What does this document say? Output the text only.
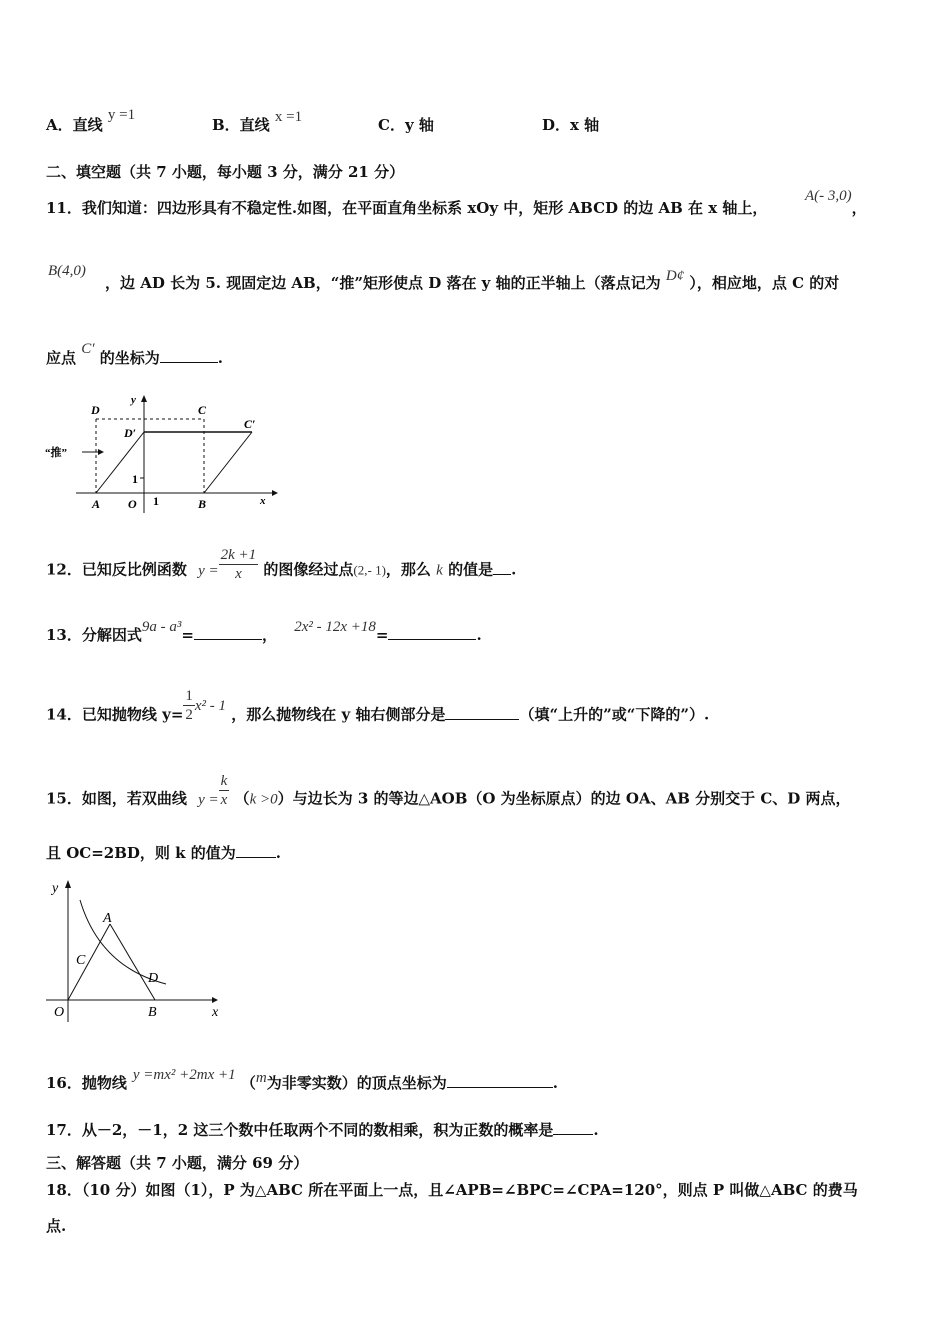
A．直线 y =1
B．直线 x =1	C．y 轴	D．x 轴
二、填空题（共 7 小题，每小题 3 分，满分 21 分）
11．我们知道：四边形具有不稳定性.如图，在平面直角坐标系 xOy 中，矩形 ABCD 的边 AB 在 x 轴上，
A(- 3,0)，
B(4,0)
，边 AD 长为 5. 现固定边 AB，“推”矩形使点 D 落在 y 轴的正半轴上（落点记为 D¢ ），相应地，点 C 的对
应点 C′ 的坐标为	.
D	C
y
D′
C′
“推”
1
A O 1	B	x
12．已知反比例函数 $y = \frac{2k +1}{x}$ 的图像经过点(2,- 1)，那么 k 的值是 .
13．分解因式9a - a³=	， 2x² - 12x +18=	.
14．已知抛物线 $y= \frac{1}{2} x^2 - 1$ ，那么抛物线在 y 轴右侧部分是	（填“上升的”或“下降的”）.
15．如图，若双曲线 $y = \frac{k}{x} (k >0)$与边长为 3 的等边△AOB（O 为坐标原点）的边 OA、AB 分别交于 C、D 两点，
且 OC=2BD，则 k 的值为	.
y
A
C
D
O	B	x
16．抛物线 y =mx² +2mx +1 （m为非零实数）的顶点坐标为	.
17．从－2，－1，2 这三个数中任取两个不同的数相乘，积为正数的概率是	.
三、解答题（共 7 小题，满分 69 分）
18．（10 分）如图（1），P 为△ABC 所在平面上一点，且∠APB=∠BPC=∠CPA=120°，则点 P 叫做△ABC 的费马
点.
